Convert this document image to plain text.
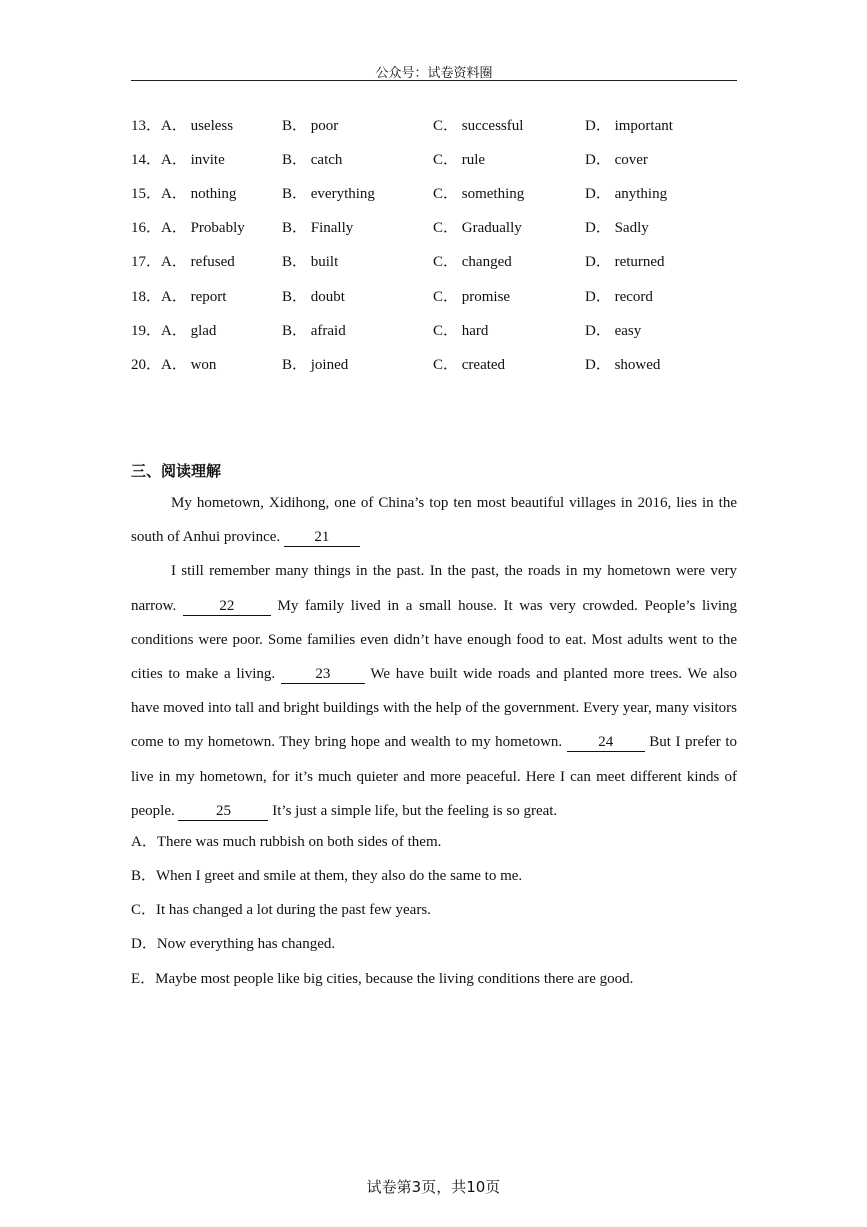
公众号：试卷资料圈
13． A． useless	B． poor	C． successful	D． important
14． A． invite	B． catch	C． rule	D． cover
15． A． nothing	B． everything	C． something	D． anything
16． A． Probably B． Finally	C． Gradually	D． Sadly
17． A． refused	B． built	C． changed	D． returned
18． A． report	B． doubt	C． promise	D． record
19． A． glad	B． afraid	C． hard	D． easy
20． A． won	B． joined	C． created	D． showed
三、阅读理解

My hometown, Xidihong, one of China’s top ten most beautiful villages in 2016, lies in the south of Anhui province. 21

I still remember many things in the past. In the past, the roads in my hometown were very narrow. 22 My family lived in a small house. It was very crowded. People’s living conditions were poor. Some families even didn’t have enough food to eat. Most adults went to the cities to make a living. 23 We have built wide roads and planted more trees. We also have moved into tall and bright buildings with the help of the government. Every year, many visitors come to my hometown. They bring hope and wealth to my hometown. 24 But I prefer to live in my hometown, for it’s much quieter and more peaceful. Here I can meet different kinds of people.	25	It’s just a simple life, but the feeling is so great.

A．There was much rubbish on both sides of them.
B．When I greet and smile at them, they also do the same to me.
C．It has changed a lot during the past few years.
D．Now everything has changed.
E．Maybe most people like big cities, because the living conditions there are good.
试卷第3页，共10页
